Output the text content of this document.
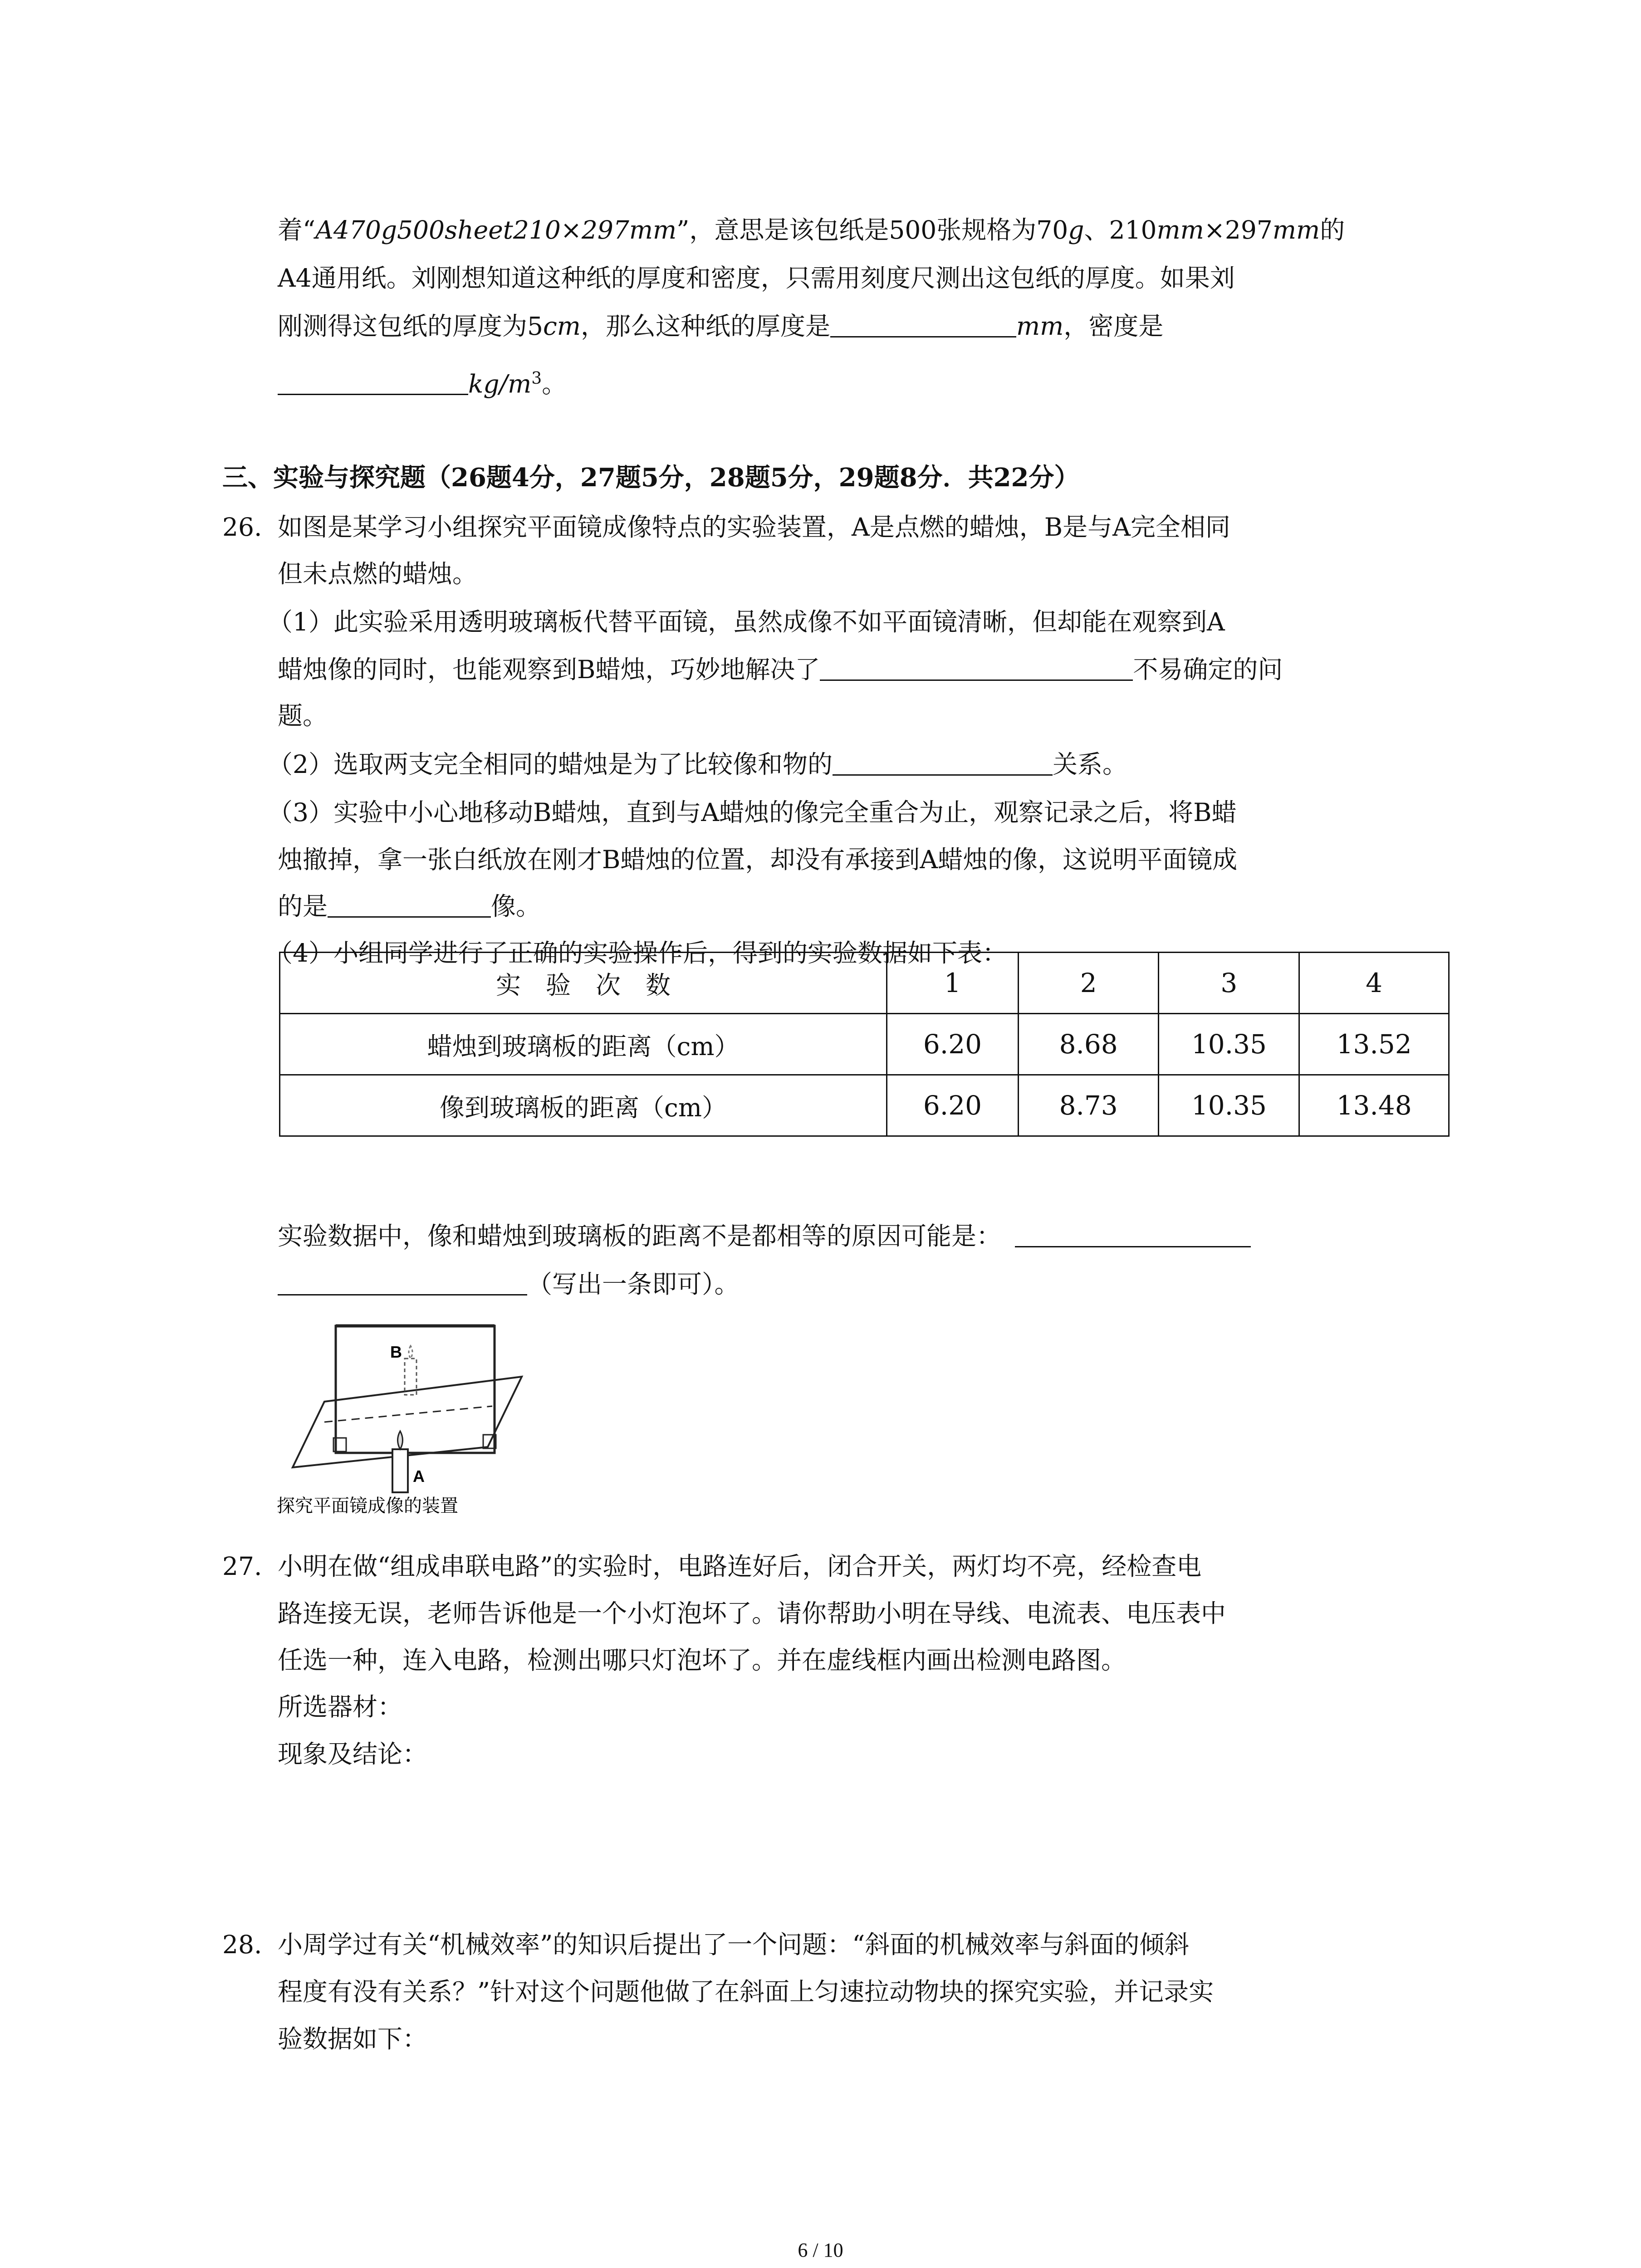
着“A470g500sheet210×297mm”，意思是该包纸是500张规格为70g、210mm×297mm的
A4通用纸。刘刚想知道这种纸的厚度和密度，只需用刻度尺测出这包纸的厚度。如果刘
刚测得这包纸的厚度为5cm，那么这种纸的厚度是	mm，密度是
$kg/m^3$。
三、实验与探究题（26题4分，27题5分，28题5分，29题8分．共22分）
26. 如图是某学习小组探究平面镜成像特点的实验装置，A是点燃的蜡烛，B是与A完全相同
但未点燃的蜡烛。
（1）此实验采用透明玻璃板代替平面镜，虽然成像不如平面镜清晰，但却能在观察到A
蜡烛像的同时，也能观察到B蜡烛，巧妙地解决了	不易确定的问
题。
（2）选取两支完全相同的蜡烛是为了比较像和物的	关系。
（3）实验中小心地移动B蜡烛，直到与A蜡烛的像完全重合为止，观察记录之后，将B蜡
烛撤掉，拿一张白纸放在刚才B蜡烛的位置，却没有承接到A蜡烛的像，这说明平面镜成
的是	像。
（4）小组同学进行了正确的实验操作后，得到的实验数据如下表：
实　验　次　数	1	2	3	4
蜡烛到玻璃板的距离（cm）	6.20	8.68	10.35	13.52
像到玻璃板的距离（cm）	6.20	8.73	10.35	13.48
实验数据中，像和蜡烛到玻璃板的距离不是都相等的原因可能是：
（写出一条即可）。
B
A
探究平面镜成像的装置
27. 小明在做“组成串联电路”的实验时，电路连好后，闭合开关，两灯均不亮，经检查电
路连接无误，老师告诉他是一个小灯泡坏了。请你帮助小明在导线、电流表、电压表中
任选一种，连入电路，检测出哪只灯泡坏了。并在虚线框内画出检测电路图。
所选器材：
现象及结论：
28. 小周学过有关“机械效率”的知识后提出了一个问题：“斜面的机械效率与斜面的倾斜
程度有没有关系？”针对这个问题他做了在斜面上匀速拉动物块的探究实验，并记录实
验数据如下：
6 / 10
